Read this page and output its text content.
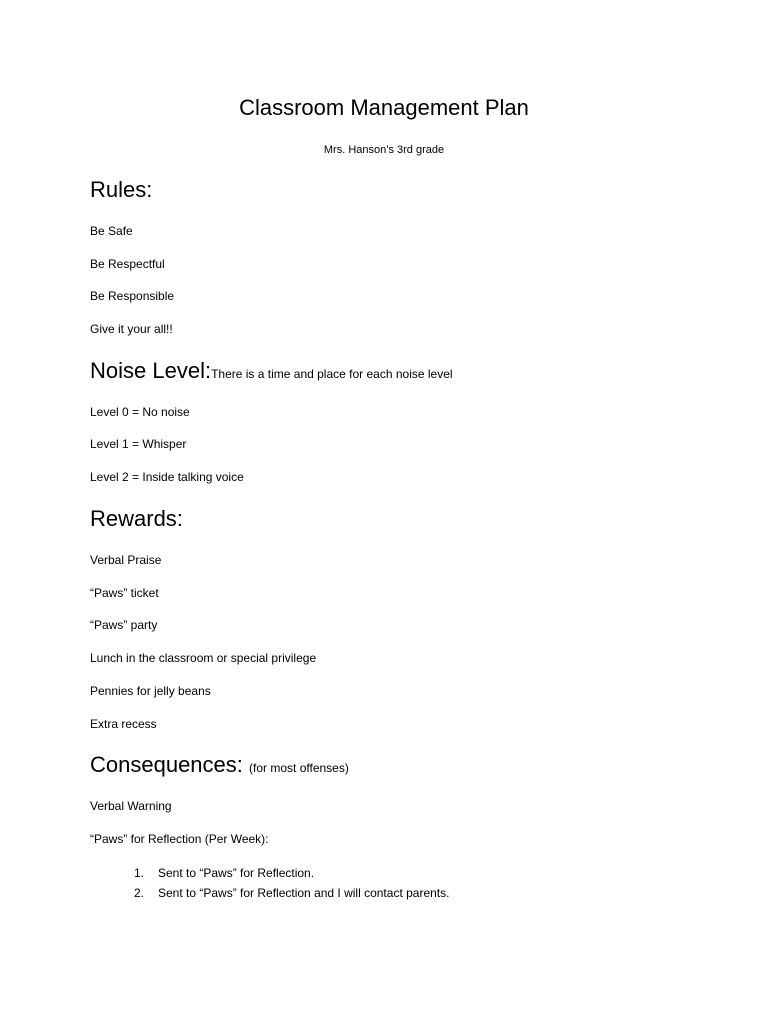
Classroom Management Plan
Mrs. Hanson’s 3rd grade
Rules:
Be Safe
Be Respectful
Be Responsible
Give it your all!!
Noise Level:There is a time and place for each noise level
Level 0 = No noise
Level 1 = Whisper
Level 2 = Inside talking voice
Rewards:
Verbal Praise
“Paws” ticket
“Paws” party
Lunch in the classroom or special privilege
Pennies for jelly beans
Extra recess
Consequences: (for most offenses)
Verbal Warning
“Paws” for Reflection (Per Week):
1. Sent to “Paws” for Reflection.
2. Sent to “Paws” for Reflection and I will contact parents.
